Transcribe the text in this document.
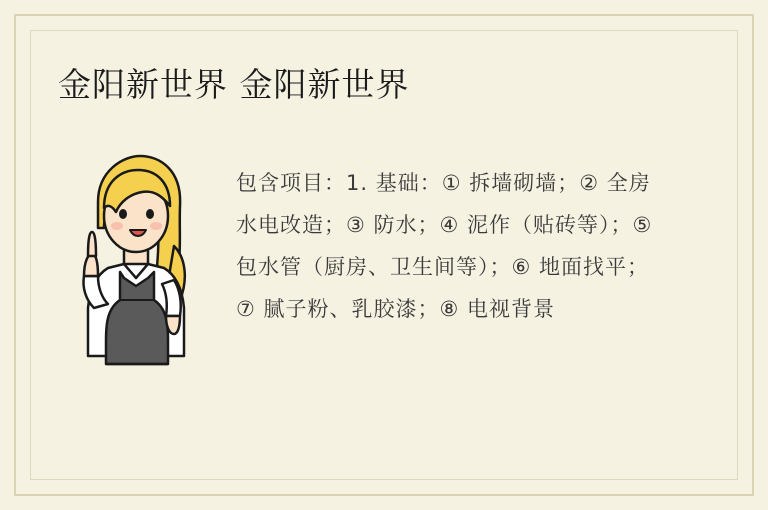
金阳新世界 金阳新世界
包含项目：1. 基础：① 拆墙砌墙；② 全房水电改造；③ 防水；④ 泥作（贴砖等）；⑤ 包水管（厨房、卫生间等）；⑥ 地面找平；⑦ 腻子粉、乳胶漆；⑧ 电视背景
